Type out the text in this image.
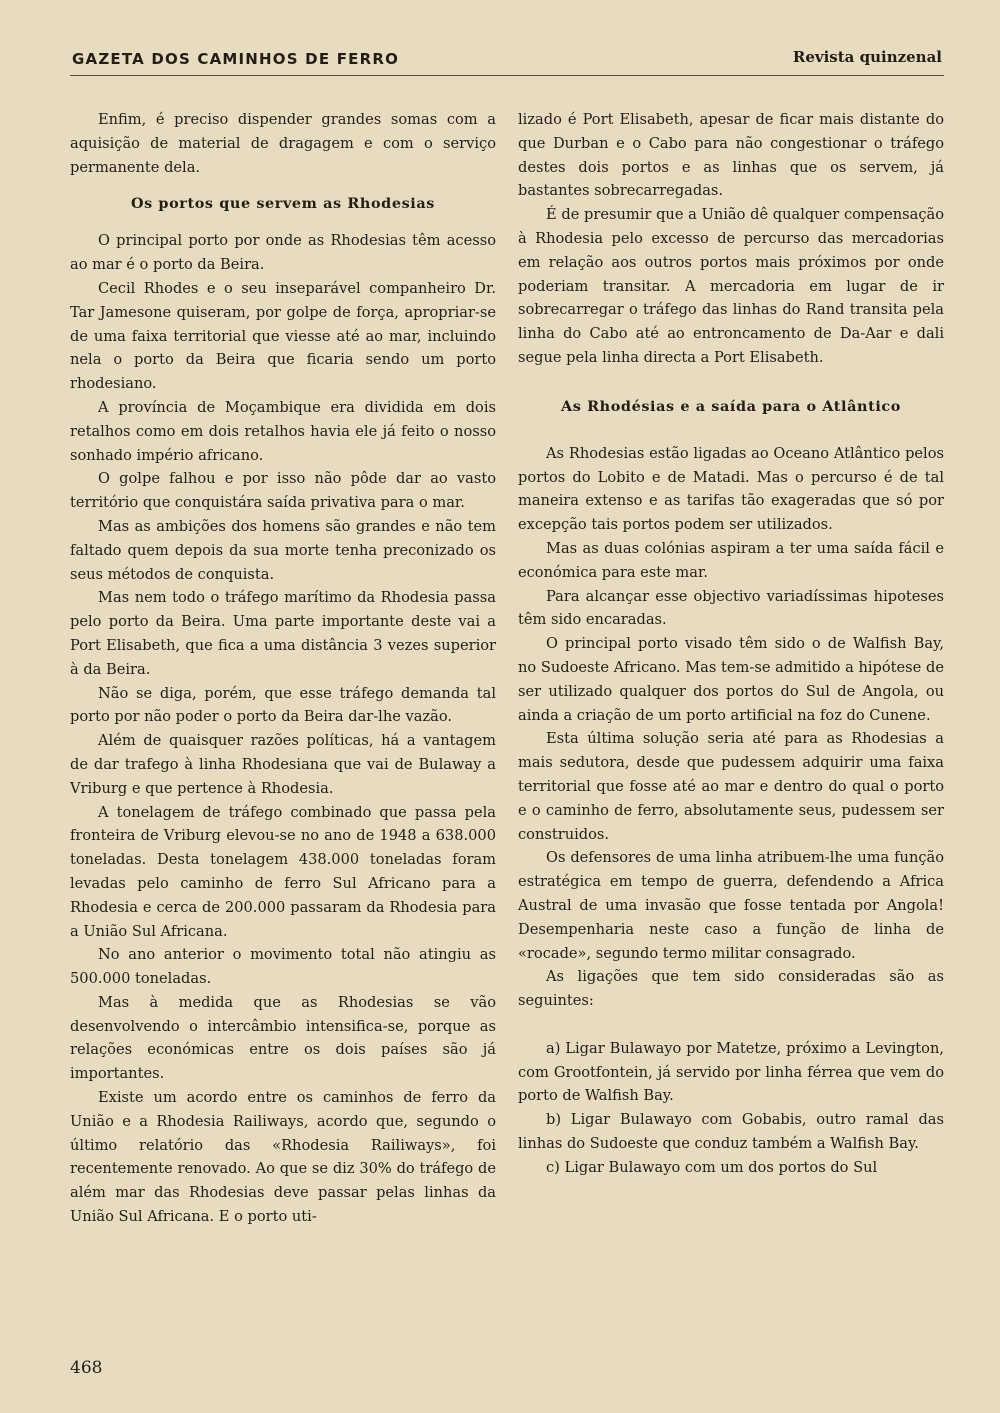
GAZETA DOS CAMINHOS DE FERRO	Revista quinzenal

Enfim, é preciso dispender grandes somas com a aquisição de material de dragagem e com o serviço permanente dela.

Os portos que servem as Rhodesias

O principal porto por onde as Rhodesias têm acesso ao mar é o porto da Beira.

Cecil Rhodes e o seu inseparável companheiro Dr. Tar Jamesone quiseram, por golpe de força, apropriar-se de uma faixa territorial que viesse até ao mar, incluindo nela o porto da Beira que ficaria sendo um porto rhodesiano.

A província de Moçambique era dividida em dois retalhos como em dois retalhos havia ele já feito o nosso sonhado império africano.

O golpe falhou e por isso não pôde dar ao vasto território que conquistára saída privativa para o mar.

Mas as ambições dos homens são grandes e não tem faltado quem depois da sua morte tenha preconizado os seus métodos de conquista.

Mas nem todo o tráfego marítimo da Rhodesia passa pelo porto da Beira. Uma parte importante deste vai a Port Elisabeth, que fica a uma distância 3 vezes superior à da Beira.

Não se diga, porém, que esse tráfego demanda tal porto por não poder o porto da Beira dar-lhe vazão.

Além de quaisquer razões políticas, há a vantagem de dar trafego à linha Rhodesiana que vai de Bulaway a Vriburg e que pertence à Rhodesia.

A tonelagem de tráfego combinado que passa pela fronteira de Vriburg elevou-se no ano de 1948 a 638.000 toneladas. Desta tonelagem 438.000 toneladas foram levadas pelo caminho de ferro Sul Africano para a Rhodesia e cerca de 200.000 passaram da Rhodesia para a União Sul Africana.

No ano anterior o movimento total não atingiu as 500.000 toneladas.

Mas à medida que as Rhodesias se vão desenvolvendo o intercâmbio intensifica-se, porque as relações económicas entre os dois países são já importantes.

Existe um acordo entre os caminhos de ferro da União e a Rhodesia Railiways, acordo que, segundo o último relatório das «Rhodesia Railiways», foi recentemente renovado. Ao que se diz 30% do tráfego de além mar das Rhodesias deve passar pelas linhas da União Sul Africana. E o porto uti-

lizado é Port Elisabeth, apesar de ficar mais distante do que Durban e o Cabo para não congestionar o tráfego destes dois portos e as linhas que os servem, já bastantes sobrecarregadas.

É de presumir que a União dê qualquer compensação à Rhodesia pelo excesso de percurso das mercadorias em relação aos outros portos mais próximos por onde poderiam transitar. A mercadoria em lugar de ir sobrecarregar o tráfego das linhas do Rand transita pela linha do Cabo até ao entroncamento de Da-Aar e dali segue pela linha directa a Port Elisabeth.

As Rhodésias e a saída para o Atlântico

As Rhodesias estão ligadas ao Oceano Atlântico pelos portos do Lobito e de Matadi. Mas o percurso é de tal maneira extenso e as tarifas tão exageradas que só por excepção tais portos podem ser utilizados.

Mas as duas colónias aspiram a ter uma saída fácil e económica para este mar.

Para alcançar esse objectivo variadíssimas hipoteses têm sido encaradas.

O principal porto visado têm sido o de Walfish Bay, no Sudoeste Africano. Mas tem-se admitido a hipótese de ser utilizado qualquer dos portos do Sul de Angola, ou ainda a criação de um porto artificial na foz do Cunene.

Esta última solução seria até para as Rhodesias a mais sedutora, desde que pudessem adquirir uma faixa territorial que fosse até ao mar e dentro do qual o porto e o caminho de ferro, absolutamente seus, pudessem ser construidos.

Os defensores de uma linha atribuem-lhe uma função estratégica em tempo de guerra, defendendo a Africa Austral de uma invasão que fosse tentada por Angola! Desempenharia neste caso a função de linha de «rocade», segundo termo militar consagrado.

As ligações que tem sido consideradas são as seguintes:

a) Ligar Bulawayo por Matetze, próximo a Levington, com Grootfontein, já servido por linha férrea que vem do porto de Walfish Bay.

b) Ligar Bulawayo com Gobabis, outro ramal das linhas do Sudoeste que conduz também a Walfish Bay.

c) Ligar Bulawayo com um dos portos do Sul

468
